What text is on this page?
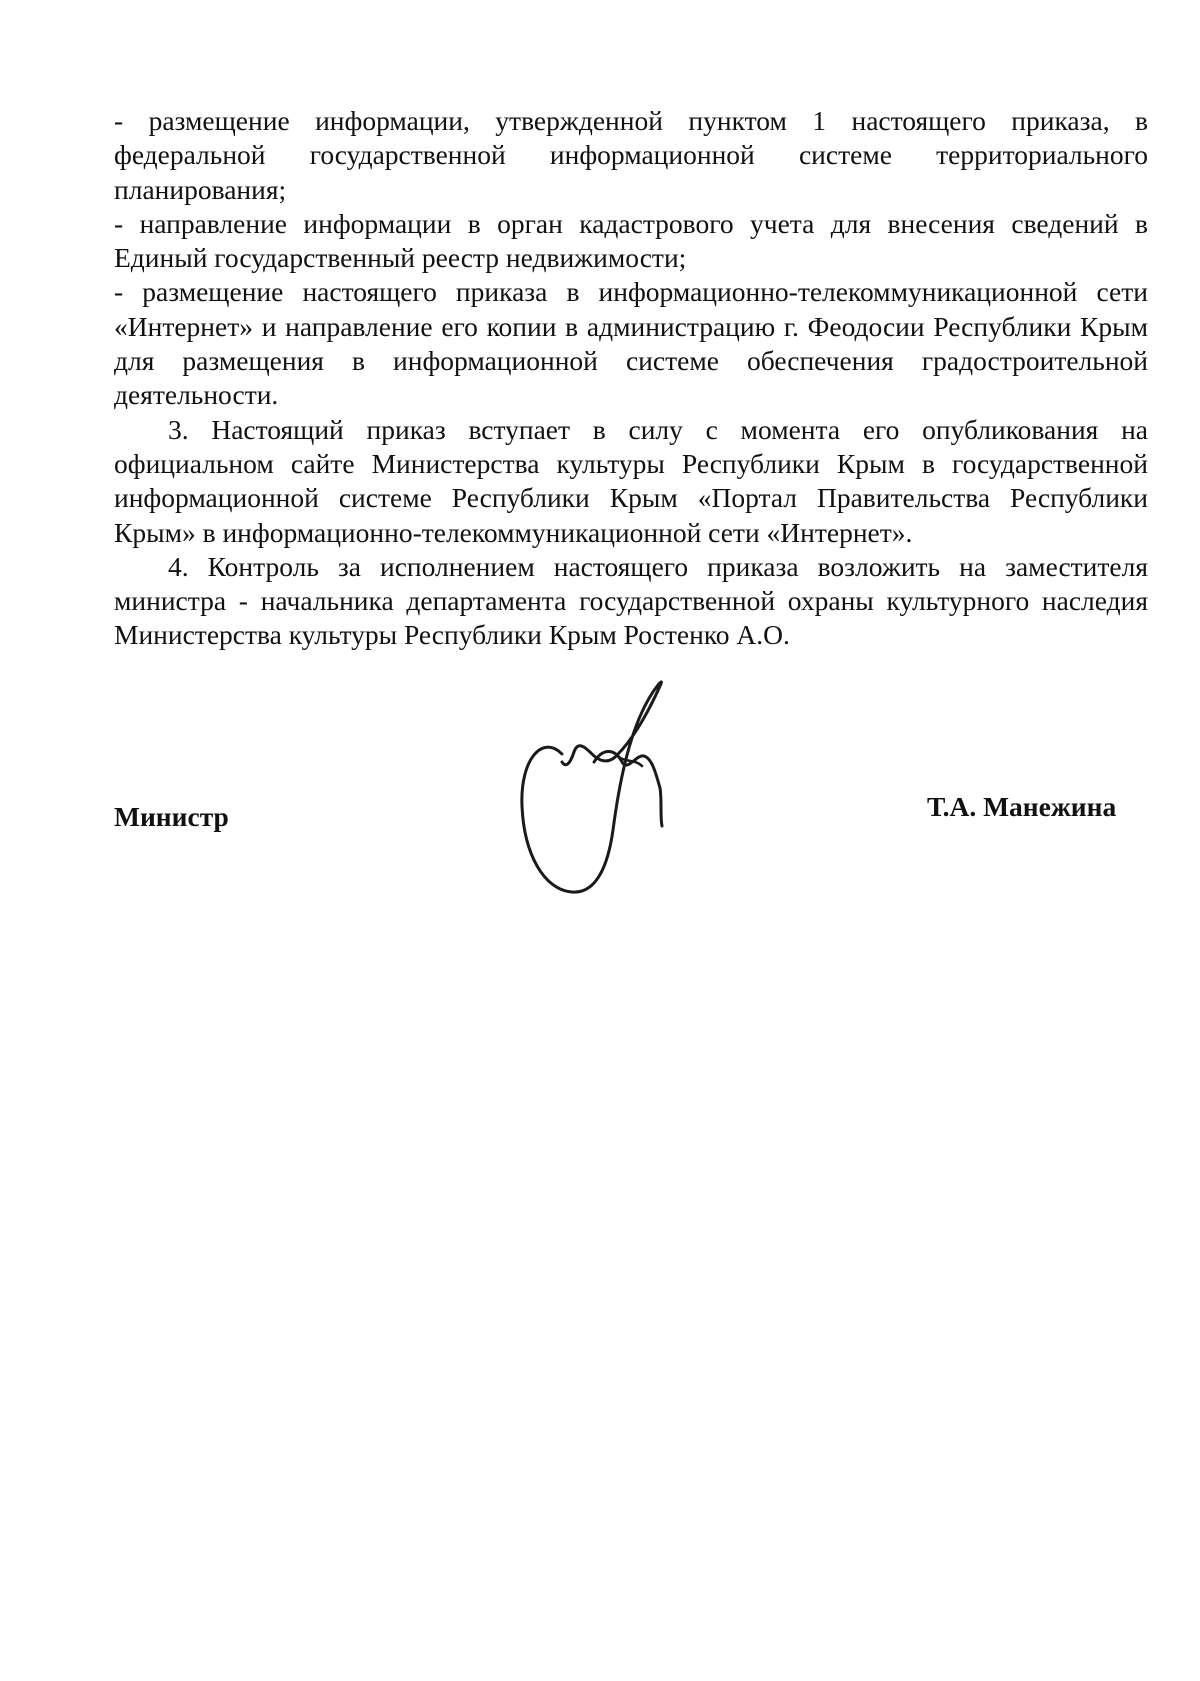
- размещение информации, утвержденной пунктом 1 настоящего приказа, в федеральной государственной информационной системе территориального планирования;

- направление информации в орган кадастрового учета для внесения сведений в Единый государственный реестр недвижимости;

- размещение настоящего приказа в информационно-телекоммуникационной сети «Интернет» и направление его копии в администрацию г. Феодосии Республики Крым для размещения в информационной системе обеспечения градостроительной деятельности.

3. Настоящий приказ вступает в силу с момента его опубликования на официальном сайте Министерства культуры Республики Крым в государственной информационной системе Республики Крым «Портал Правительства Республики Крым» в информационно-телекоммуникационной сети «Интернет».

4. Контроль за исполнением настоящего приказа возложить на заместителя министра - начальника департамента государственной охраны культурного наследия Министерства культуры Республики Крым Ростенко А.О.

Министр	Т.А. Манежина
